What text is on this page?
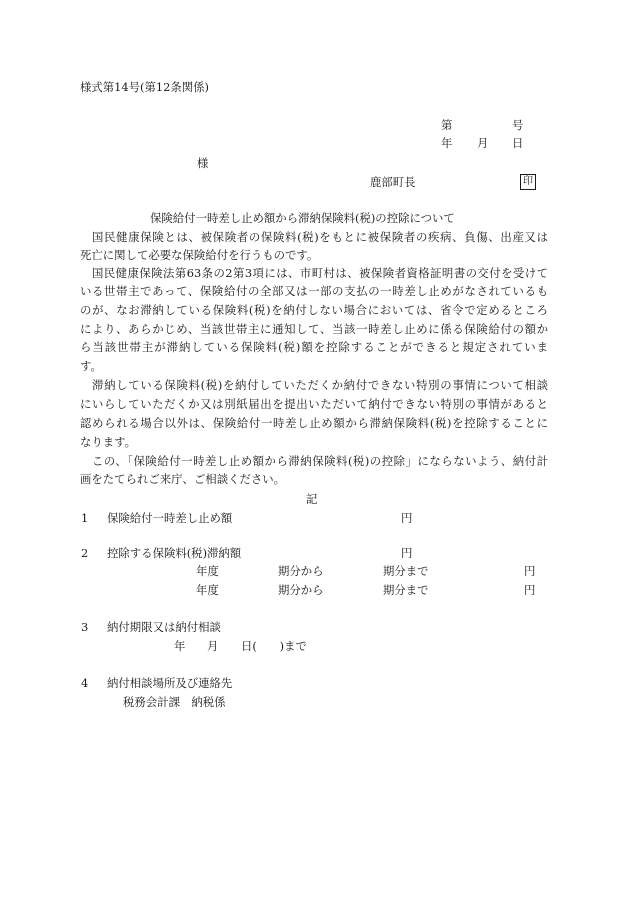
様式第14号(第12条関係)
第	号
年 月 日
様
鹿部町長	印
保険給付一時差し止め額から滞納保険料(税)の控除について
国民健康保険とは、被保険者の保険料(税)をもとに被保険者の疾病、負傷、出産又は
死亡に関して必要な保険給付を行うものです。
国民健康保険法第63条の2第3項には、市町村は、被保険者資格証明書の交付を受けて
いる世帯主であって、保険給付の全部又は一部の支払の一時差し止めがなされているも
のが、なお滞納している保険料(税)を納付しない場合においては、省令で定めるところ
により、あらかじめ、当該世帯主に通知して、当該一時差し止めに係る保険給付の額か
ら当該世帯主が滞納している保険料(税)額を控除することができると規定されていま
す。
滞納している保険料(税)を納付していただくか納付できない特別の事情について相談
にいらしていただくか又は別紙届出を提出いただいて納付できない特別の事情があると
認められる場合以外は、保険給付一時差し止め額から滞納保険料(税)を控除することに
なります。
この、「保険給付一時差し止め額から滞納保険料(税)の控除」にならないよう、納付計
画をたてられご来庁、ご相談ください。
記
1 保険給付一時差し止め額	円
2 控除する保険料(税)滞納額	円
年度	期分から	期分まで	円
年度	期分から	期分まで	円
3 納付期限又は納付相談
年 月 日(　　)まで
4 納付相談場所及び連絡先
税務会計課　納税係
